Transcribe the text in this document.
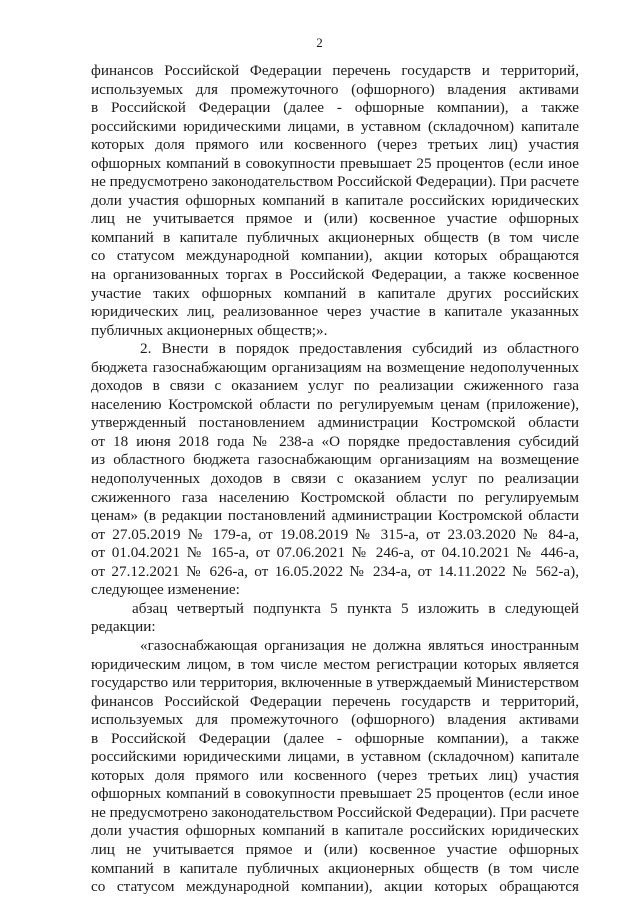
2
финансов Российской Федерации перечень государств и территорий,
используемых для промежуточного (офшорного) владения активами
в Российской Федерации (далее - офшорные компании), а также
российскими юридическими лицами, в уставном (складочном) капитале
которых доля прямого или косвенного (через третьих лиц) участия
офшорных компаний в совокупности превышает 25 процентов (если иное
не предусмотрено законодательством Российской Федерации). При расчете
доли участия офшорных компаний в капитале российских юридических
лиц не учитывается прямое и (или) косвенное участие офшорных
компаний в капитале публичных акционерных обществ (в том числе
со статусом международной компании), акции которых обращаются
на организованных торгах в Российской Федерации, а также косвенное
участие таких офшорных компаний в капитале других российских
юридических лиц, реализованное через участие в капитале указанных
публичных акционерных обществ;».
2. Внести в порядок предоставления субсидий из областного
бюджета газоснабжающим организациям на возмещение недополученных
доходов в связи с оказанием услуг по реализации сжиженного газа
населению Костромской области по регулируемым ценам (приложение),
утвержденный постановлением администрации Костромской области
от 18 июня 2018 года № 238-а «О порядке предоставления субсидий
из областного бюджета газоснабжающим организациям на возмещение
недополученных доходов в связи с оказанием услуг по реализации
сжиженного газа населению Костромской области по регулируемым
ценам» (в редакции постановлений администрации Костромской области
от 27.05.2019 № 179-а, от 19.08.2019 № 315-а, от 23.03.2020 № 84-а,
от 01.04.2021 № 165-а, от 07.06.2021 № 246-а, от 04.10.2021 № 446-а,
от 27.12.2021 № 626-а, от 16.05.2022 № 234-а, от 14.11.2022 № 562-а),
следующее изменение:
абзац четвертый подпункта 5 пункта 5 изложить в следующей
редакции:
«газоснабжающая организация не должна являться иностранным
юридическим лицом, в том числе местом регистрации которых является
государство или территория, включенные в утверждаемый Министерством
финансов Российской Федерации перечень государств и территорий,
используемых для промежуточного (офшорного) владения активами
в Российской Федерации (далее - офшорные компании), а также
российскими юридическими лицами, в уставном (складочном) капитале
которых доля прямого или косвенного (через третьих лиц) участия
офшорных компаний в совокупности превышает 25 процентов (если иное
не предусмотрено законодательством Российской Федерации). При расчете
доли участия офшорных компаний в капитале российских юридических
лиц не учитывается прямое и (или) косвенное участие офшорных
компаний в капитале публичных акционерных обществ (в том числе
со статусом международной компании), акции которых обращаются
